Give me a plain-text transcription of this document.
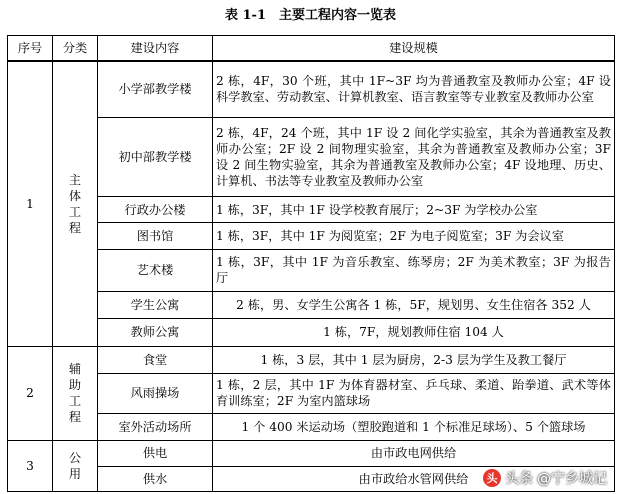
表 1-1　主要工程内容一览表
序号	分类	建设内容	建设规模
1	主体工程	小学部教学楼	2 栋，4F，30 个班，其中 1F~3F 均为普通教室及教师办公室；4F 设科学教室、劳动教室、计算机教室、语言教室等专业教室及教师办公室
		初中部教学楼	2 栋，4F，24 个班，其中 1F 设 2 间化学实验室，其余为普通教室及教师办公室；2F 设 2 间物理实验室，其余为普通教室及教师办公室；3F 设 2 间生物实验室，其余为普通教室及教师办公室；4F 设地理、历史、计算机、书法等专业教室及教师办公室
		行政办公楼	1 栋，3F，其中 1F 设学校教育展厅；2~3F 为学校办公室
		图书馆	1 栋，3F，其中 1F 为阅览室；2F 为电子阅览室；3F 为会议室
		艺术楼	1 栋，3F，其中 1F 为音乐教室、练琴房；2F 为美术教室；3F 为报告厅
		学生公寓	2 栋，男、女学生公寓各 1 栋，5F，规划男、女生住宿各 352 人
		教师公寓	1 栋，7F，规划教师住宿 104 人
2	辅助工程	食堂	1 栋，3 层，其中 1 层为厨房，2-3 层为学生及教工餐厅
		风雨操场	1 栋，2 层，其中 1F 为体育器材室、乒乓球、柔道、跆拳道、武术等体育训练室；2F 为室内篮球场
		室外活动场所	1 个 400 米运动场（塑胶跑道和 1 个标准足球场）、5 个篮球场
3	公用	供电	由市政电网供给
		供水	由市政给水管网供给	头 头条 @宁乡城记
